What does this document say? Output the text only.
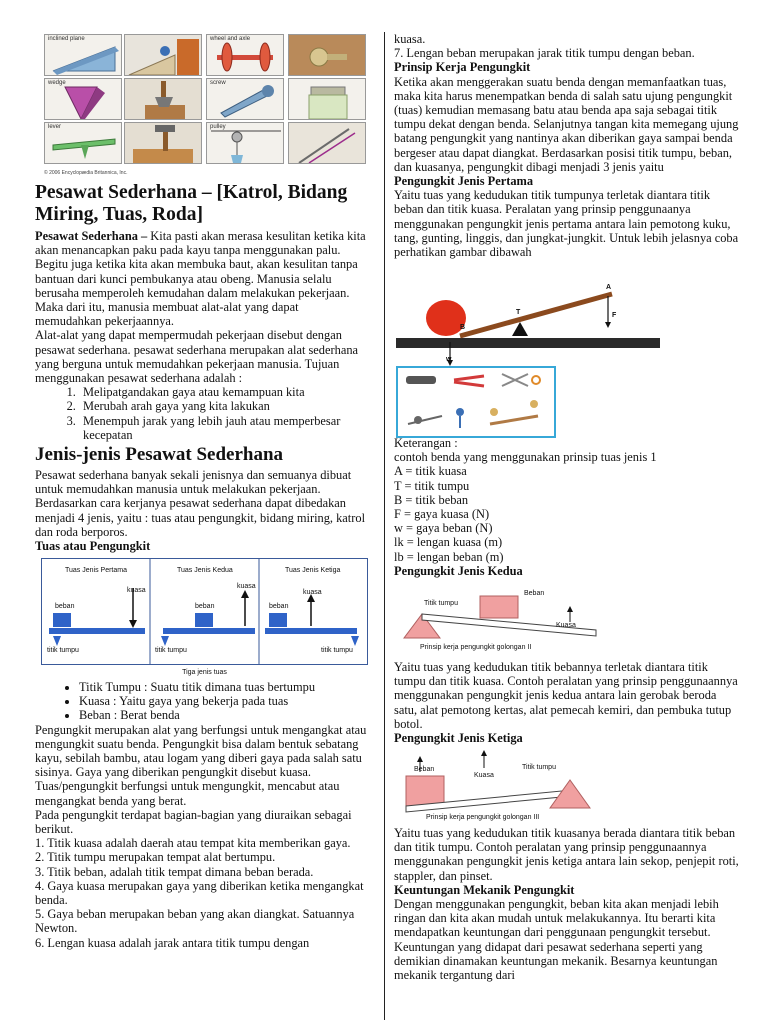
inclined plane	wheel and axle
wedge	screw
lever	pulley
© 2006 Encyclopædia Britannica, Inc.
Pesawat Sederhana – [Katrol, Bidang Miring, Tuas, Roda]

Pesawat Sederhana – Kita pasti akan merasa kesulitan ketika kita akan menancapkan paku pada kayu tanpa menggunakan palu. Begitu juga ketika kita akan membuka baut, akan kesulitan tanpa bantuan dari kunci pembukanya atau obeng. Manusia selalu berusaha memperoleh kemudahan dalam melakukan pekerjaan. Maka dari itu, manusia membuat alat-alat yang dapat memudahkan pekerjaannya.

Alat-alat yang dapat mempermudah pekerjaan disebut dengan pesawat sederhana. pesawat sederhana merupakan alat sederhana yang berguna untuk memudahkan pekerjaan manusia. Tujuan menggunakan pesawat sederhana adalah :

1. Melipatgandakan gaya atau kemampuan kita
2. Merubah arah gaya yang kita lakukan
3. Menempuh jarak yang lebih jauh atau memperbesar kecepatan
Jenis-jenis Pesawat Sederhana

Pesawat sederhana banyak sekali jenisnya dan semuanya dibuat untuk memudahkan manusia untuk melakukan pekerjaan. Berdasarkan cara kerjanya pesawat sederhana dapat dibedakan menjadi 4 jenis, yaitu : tuas atau pengungkit, bidang miring, katrol dan roda berporos.

Tuas atau Pengungkit

Tuas Jenis Pertama	Tuas Jenis Kedua	Tuas Jenis Ketiga
kuasa
beban
titik tumpu
kuasa
beban
titik tumpu
kuasa
beban
titik tumpu
Tiga jenis tuas
• Titik Tumpu : Suatu titik dimana tuas bertumpu
• Kuasa : Yaitu gaya yang bekerja pada tuas
• Beban : Berat benda

Pengungkit merupakan alat yang berfungsi untuk mengangkat atau mengungkit suatu benda. Pengungkit bisa dalam bentuk sebatang kayu, sebilah bambu, atau logam yang diberi gaya pada salah satu sisinya. Gaya yang diberikan pengungkit disebut kuasa. Tuas/pengungkit berfungsi untuk mengungkit, mencabut atau mengangkat benda yang berat.

Pada pengungkit terdapat bagian-bagian yang diuraikan sebagai berikut.

1. Titik kuasa adalah daerah atau tempat kita memberikan gaya.

2. Titik tumpu merupakan tempat alat bertumpu.

3. Titik beban, adalah titik tempat dimana beban berada.

4. Gaya kuasa merupakan gaya yang diberikan ketika mengangkat benda.

5. Gaya beban merupakan beban yang akan diangkat. Satuannya Newton.

6. Lengan kuasa adalah jarak antara titik tumpu dengan

kuasa.

7. Lengan beban merupakan jarak titik tumpu dengan beban.

Prinsip Kerja Pengungkit

Ketika akan menggerakan suatu benda dengan memanfaatkan tuas, maka kita harus menempatkan benda di salah satu ujung pengungkit (tuas) kemudian memasang batu atau benda apa saja sebagai titik tumpu dekat dengan benda. Selanjutnya tangan kita memegang ujung batang pengungkit yang nantinya akan diberikan gaya sampai benda bergeser atau dapat diangkat. Berdasarkan posisi titik tumpu, beban, dan kuasanya, pengungkit dibagi menjadi 3 jenis yaitu

Pengungkit Jenis Pertama

Yaitu tuas yang kedudukan titik tumpunya terletak diantara titik beban dan titik kuasa. Peralatan yang prinsip penggunaanya menggunakan pengungkit jenis pertama antara lain pemotong kuku, tang, gunting, linggis, dan jungkat-jungkit. Untuk lebih jelasnya coba perhatikan gambar dibawah

A
T
B
F
w

Keterangan :

contoh benda yang menggunakan prinsip tuas jenis 1

A = titik kuasa

T = titik tumpu

B = titik beban

F = gaya kuasa (N)

w = gaya beban (N)

lk = lengan kuasa (m)

lb = lengan beban (m)

Pengungkit Jenis Kedua

Titik tumpu
Beban
Kuasa
Prinsip kerja pengungkit golongan II

Yaitu tuas yang kedudukan titik bebannya terletak diantara titik tumpu dan titik kuasa. Contoh peralatan yang prinsip penggunaannya menggunakan pengungkit jenis kedua antara lain gerobak beroda satu, alat pemotong kertas, alat pemecah kemiri, dan pembuka tutup botol.

Pengungkit Jenis Ketiga

Beban
Kuasa
Titik tumpu
Prinsip kerja pengungkit golongan III

Yaitu tuas yang kedudukan titik kuasanya berada diantara titik beban dan titik tumpu. Contoh peralatan yang prinsip penggunaannya menggunakan pengungkit jenis ketiga antara lain sekop, penjepit roti, stappler, dan pinset.

Keuntungan Mekanik Pengungkit

Dengan menggunakan pengungkit, beban kita akan menjadi lebih ringan dan kita akan mudah untuk melakukannya. Itu berarti kita mendapatkan keuntungan dari penggunaan pengungkit tersebut. Keuntungan yang didapat dari pesawat sederhana seperti yang demikian dinamakan keuntungan mekanik. Besarnya keuntungan mekanik tergantung dari
